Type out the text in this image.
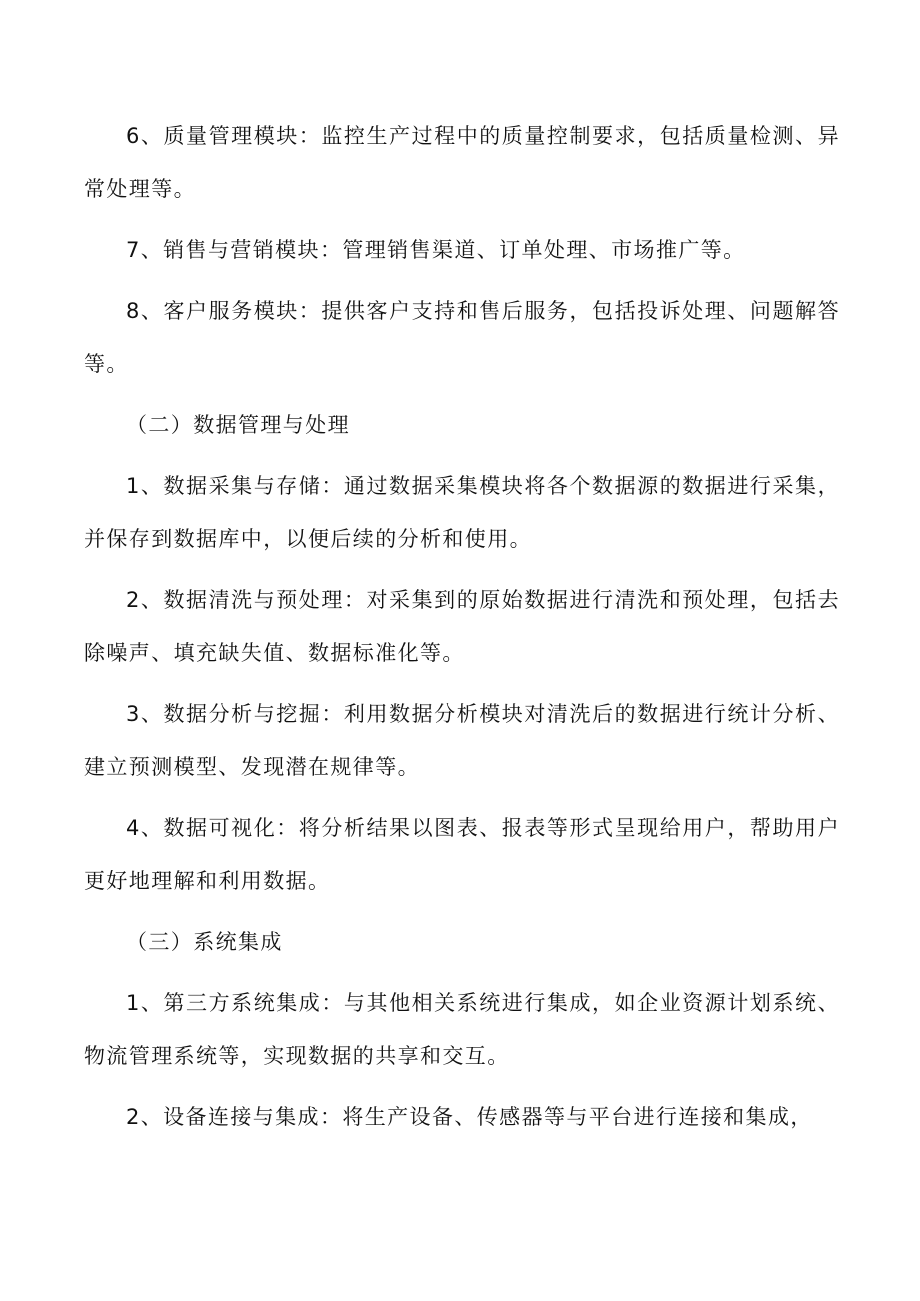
6、质量管理模块：监控生产过程中的质量控制要求，包括质量检测、异常处理等。

7、销售与营销模块：管理销售渠道、订单处理、市场推广等。

8、客户服务模块：提供客户支持和售后服务，包括投诉处理、问题解答等。

（二）数据管理与处理

1、数据采集与存储：通过数据采集模块将各个数据源的数据进行采集，并保存到数据库中，以便后续的分析和使用。

2、数据清洗与预处理：对采集到的原始数据进行清洗和预处理，包括去除噪声、填充缺失值、数据标准化等。

3、数据分析与挖掘：利用数据分析模块对清洗后的数据进行统计分析、建立预测模型、发现潜在规律等。

4、数据可视化：将分析结果以图表、报表等形式呈现给用户，帮助用户更好地理解和利用数据。

（三）系统集成

1、第三方系统集成：与其他相关系统进行集成，如企业资源计划系统、物流管理系统等，实现数据的共享和交互。

2、设备连接与集成：将生产设备、传感器等与平台进行连接和集成，
